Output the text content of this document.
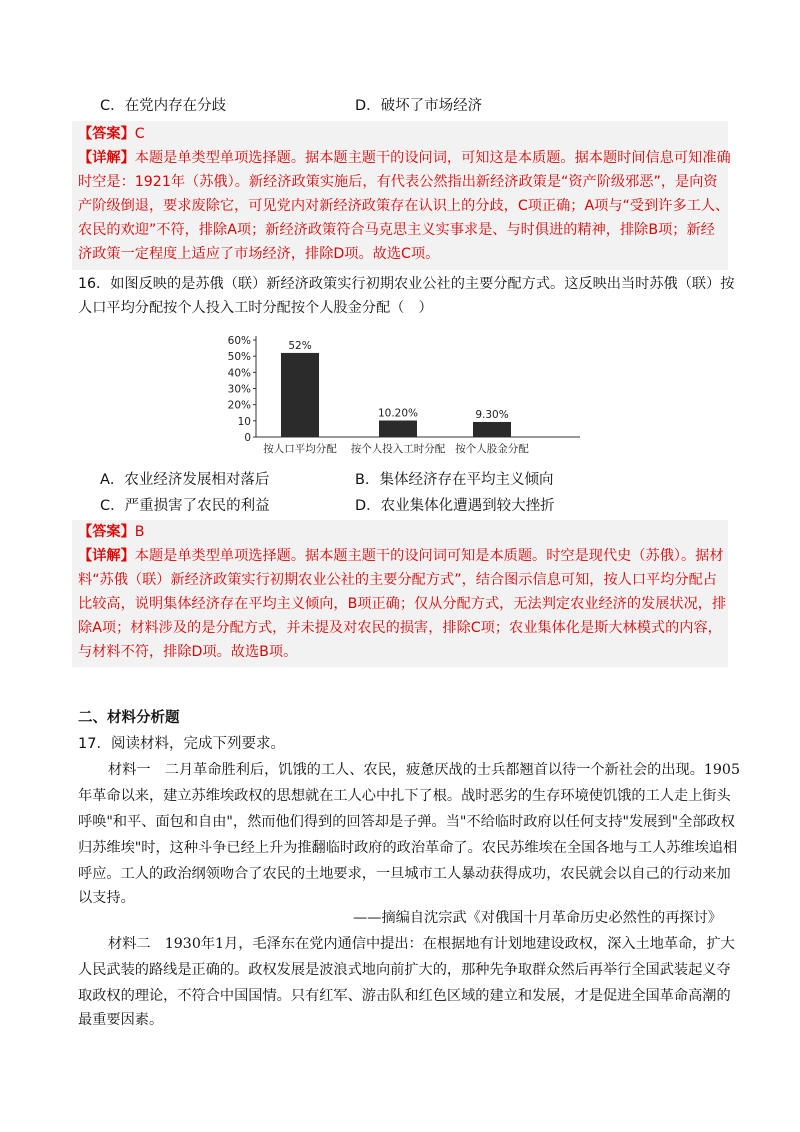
C．在党内存在分歧	D．破坏了市场经济
【答案】C
【详解】本题是单类型单项选择题。据本题主题干的设问词，可知这是本质题。据本题时间信息可知准确
时空是：1921年（苏俄）。新经济政策实施后，有代表公然指出新经济政策是“资产阶级邪恶”，是向资
产阶级倒退，要求废除它，可见党内对新经济政策存在认识上的分歧，C项正确；A项与“受到许多工人、
农民的欢迎”不符，排除A项；新经济政策符合马克思主义实事求是、与时俱进的精神，排除B项；新经
济政策一定程度上适应了市场经济，排除D项。故选C项。
16．如图反映的是苏俄（联）新经济政策实行初期农业公社的主要分配方式。这反映出当时苏俄（联）按
人口平均分配按个人投入工时分配按个人股金分配（　）
60%
50%
40%
30%
20%
10
0
52%
按人口平均分配
10.20%
按个人投入工时分配
9.30%
按个人股金分配
A．农业经济发展相对落后	B．集体经济存在平均主义倾向
C．严重损害了农民的利益	D．农业集体化遭遇到较大挫折
【答案】B
【详解】本题是单类型单项选择题。据本题主题干的设问词可知是本质题。时空是现代史（苏俄）。据材
料“苏俄（联）新经济政策实行初期农业公社的主要分配方式”，结合图示信息可知，按人口平均分配占
比较高，说明集体经济存在平均主义倾向，B项正确；仅从分配方式，无法判定农业经济的发展状况，排
除A项；材料涉及的是分配方式，并未提及对农民的损害，排除C项；农业集体化是斯大林模式的内容，
与材料不符，排除D项。故选B项。
二、材料分析题
17．阅读材料，完成下列要求。
材料一　二月革命胜利后，饥饿的工人、农民，疲惫厌战的士兵都翘首以待一个新社会的出现。1905
年革命以来，建立苏维埃政权的思想就在工人心中扎下了根。战时恶劣的生存环境使饥饿的工人走上街头
呼唤"和平、面包和自由"，然而他们得到的回答却是子弹。当"不给临时政府以任何支持"发展到"全部政权
归苏维埃"时，这种斗争已经上升为推翻临时政府的政治革命了。农民苏维埃在全国各地与工人苏维埃追相
呼应。工人的政治纲领吻合了农民的土地要求，一旦城市工人暴动获得成功，农民就会以自己的行动来加
以支持。
——摘编自沈宗武《对俄国十月革命历史必然性的再探讨》
材料二　1930年1月，毛泽东在党内通信中提出：在根据地有计划地建设政权，深入土地革命，扩大
人民武装的路线是正确的。政权发展是波浪式地向前扩大的，那种先争取群众然后再举行全国武装起义夺
取政权的理论，不符合中国国情。只有红军、游击队和红色区域的建立和发展，才是促进全国革命高潮的
最重要因素。
